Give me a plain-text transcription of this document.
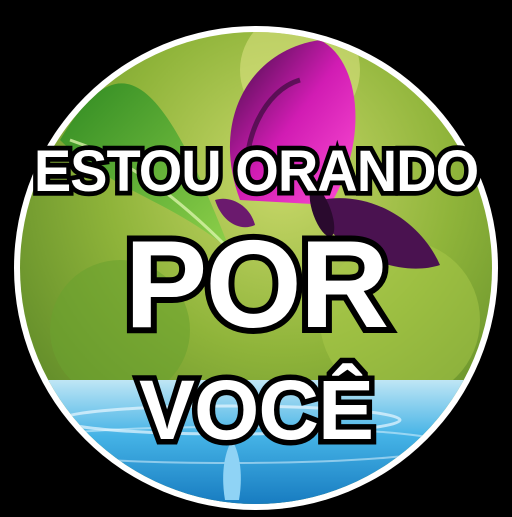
ESTOU ORANDO
POR
VOCÊ
